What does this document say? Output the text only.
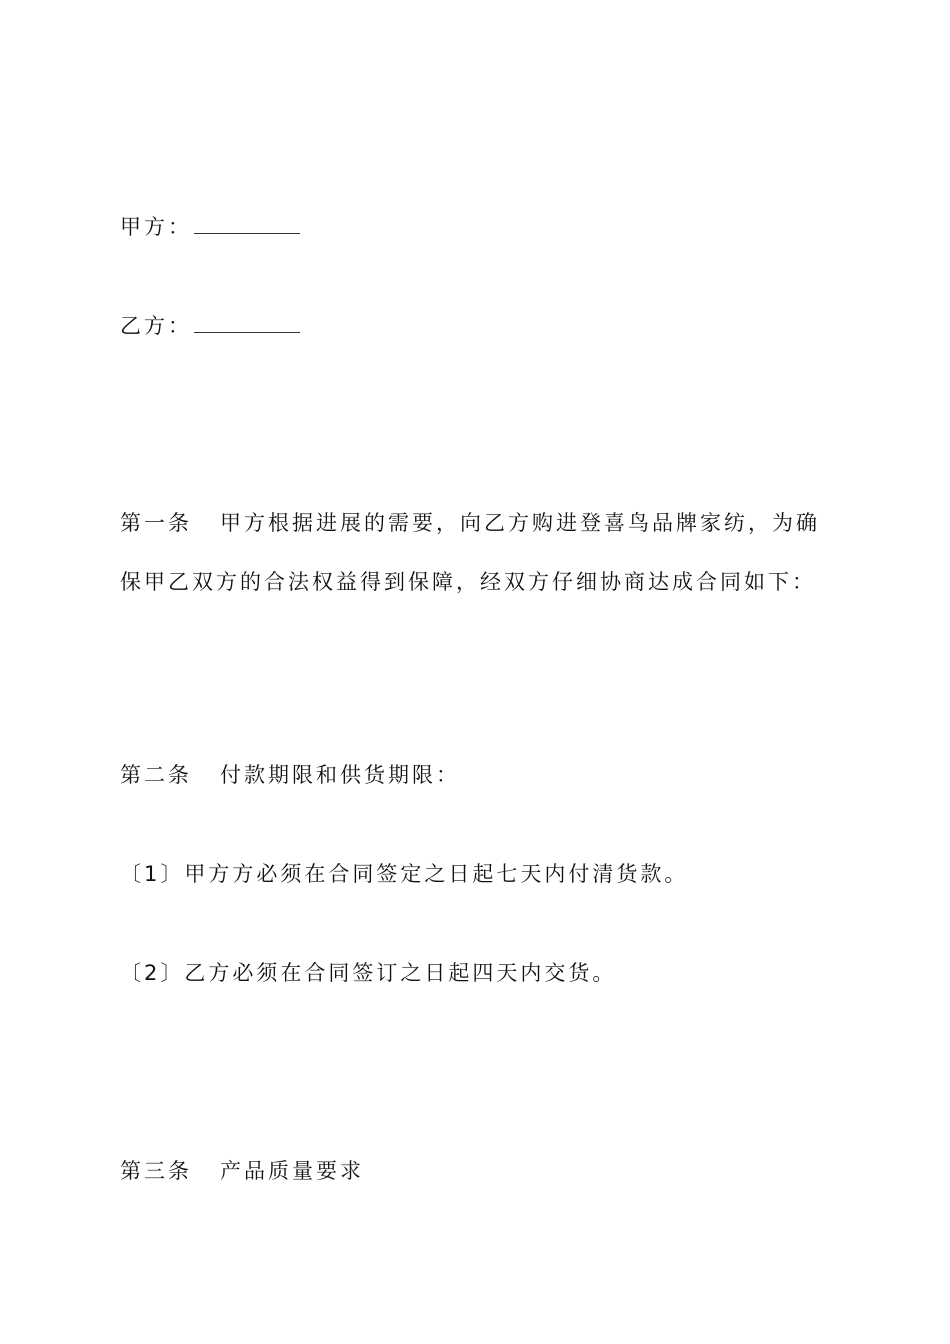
甲方：
乙方：
第一条 甲方根据进展的需要，向乙方购进登喜鸟品牌家纺，为确
保甲乙双方的合法权益得到保障，经双方仔细协商达成合同如下：
第二条 付款期限和供货期限：
〔1〕甲方方必须在合同签定之日起七天内付清货款。
〔2〕乙方必须在合同签订之日起四天内交货。
第三条 产品质量要求
